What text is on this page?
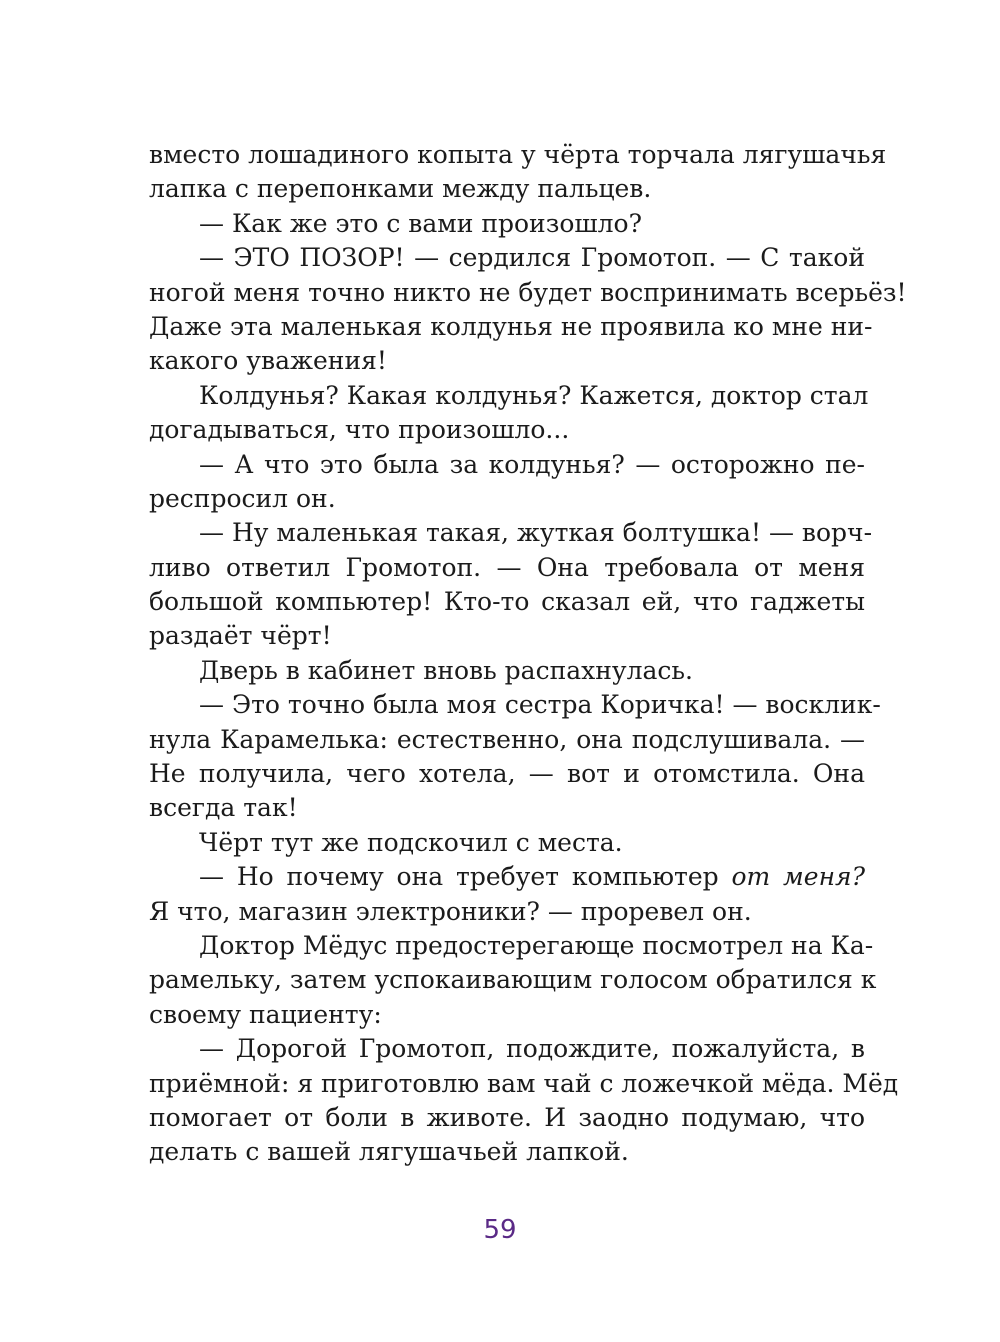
вместо лошадиного копыта у чёрта торчала лягушачья
лапка с перепонками между пальцев.
— Как же это с вами произошло?
— ЭТО ПОЗОР! — сердился Громотоп. — С такой
ногой меня точно никто не будет воспринимать всерьёз!
Даже эта маленькая колдунья не проявила ко мне ни-
какого уважения!
Колдунья? Какая колдунья? Кажется, доктор стал
догадываться, что произошло...
— А что это была за колдунья? — осторожно пе-
респросил он.
— Ну маленькая такая, жуткая болтушка! — ворч-
ливо ответил Громотоп. — Она требовала от меня
большой компьютер! Кто-то сказал ей, что гаджеты
раздаёт чёрт!
Дверь в кабинет вновь распахнулась.
— Это точно была моя сестра Коричка! — восклик-
нула Карамелька: естественно, она подслушивала. —
Не получила, чего хотела, — вот и отомстила. Она
всегда так!
Чёрт тут же подскочил с места.
— Но почему она требует компьютер от меня?
Я что, магазин электроники? — проревел он.
Доктор Мёдус предостерегающе посмотрел на Ка-
рамельку, затем успокаивающим голосом обратился к
своему пациенту:
— Дорогой Громотоп, подождите, пожалуйста, в
приёмной: я приготовлю вам чай с ложечкой мёда. Мёд
помогает от боли в животе. И заодно подумаю, что
делать с вашей лягушачьей лапкой.
59
